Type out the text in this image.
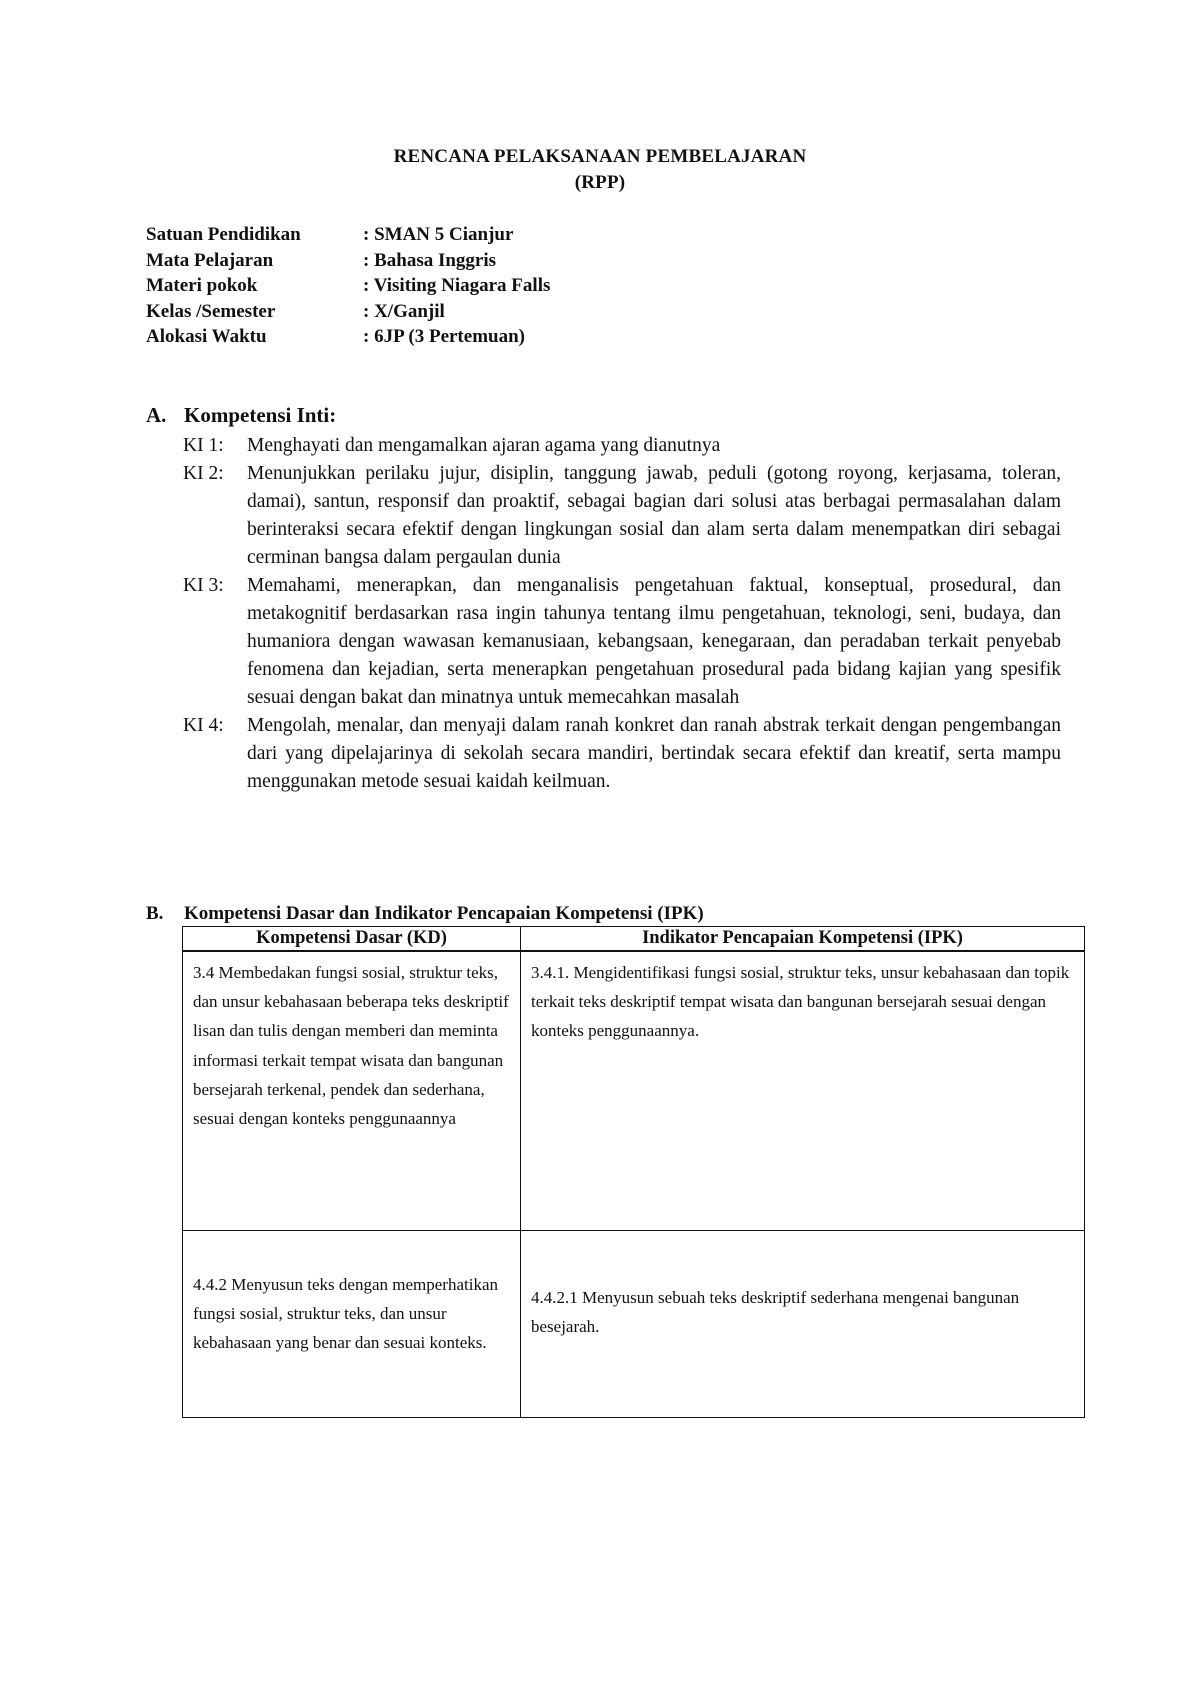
RENCANA PELAKSANAAN PEMBELAJARAN
(RPP)
Satuan Pendidikan	: SMAN 5 Cianjur
Mata Pelajaran	: Bahasa Inggris
Materi pokok	: Visiting Niagara Falls
Kelas /Semester	: X/Ganjil
Alokasi Waktu	: 6JP (3 Pertemuan)
A. Kompetensi Inti:
KI 1:	Menghayati dan mengamalkan ajaran agama yang dianutnya
KI 2:	Menunjukkan perilaku jujur, disiplin, tanggung jawab, peduli (gotong royong, kerjasama, toleran, damai), santun, responsif dan proaktif, sebagai bagian dari solusi atas berbagai permasalahan dalam berinteraksi secara efektif dengan lingkungan sosial dan alam serta dalam menempatkan diri sebagai cerminan bangsa dalam pergaulan dunia
KI 3:	Memahami, menerapkan, dan menganalisis pengetahuan faktual, konseptual, prosedural, dan metakognitif berdasarkan rasa ingin tahunya tentang ilmu pengetahuan, teknologi, seni, budaya, dan humaniora dengan wawasan kemanusiaan, kebangsaan, kenegaraan, dan peradaban terkait penyebab fenomena dan kejadian, serta menerapkan pengetahuan prosedural pada bidang kajian yang spesifik sesuai dengan bakat dan minatnya untuk memecahkan masalah
KI 4:	Mengolah, menalar, dan menyaji dalam ranah konkret dan ranah abstrak terkait dengan pengembangan dari yang dipelajarinya di sekolah secara mandiri, bertindak secara efektif dan kreatif, serta mampu menggunakan metode sesuai kaidah keilmuan.
B. Kompetensi Dasar dan Indikator Pencapaian Kompetensi (IPK)
Kompetensi Dasar (KD)	Indikator Pencapaian Kompetensi (IPK)

3.4 Membedakan fungsi sosial, struktur teks, dan unsur kebahasaan beberapa teks deskriptif lisan dan tulis dengan memberi dan meminta informasi terkait tempat wisata dan bangunan bersejarah terkenal, pendek dan sederhana, sesuai dengan konteks penggunaannya	3.4.1. Mengidentifikasi fungsi sosial, struktur teks, unsur kebahasaan dan topik terkait teks deskriptif tempat wisata dan bangunan bersejarah sesuai dengan konteks penggunaannya.

4.4.2 Menyusun teks dengan memperhatikan fungsi sosial, struktur teks, dan unsur kebahasaan yang benar dan sesuai konteks.	4.4.2.1 Menyusun sebuah teks deskriptif sederhana mengenai bangunan besejarah.
